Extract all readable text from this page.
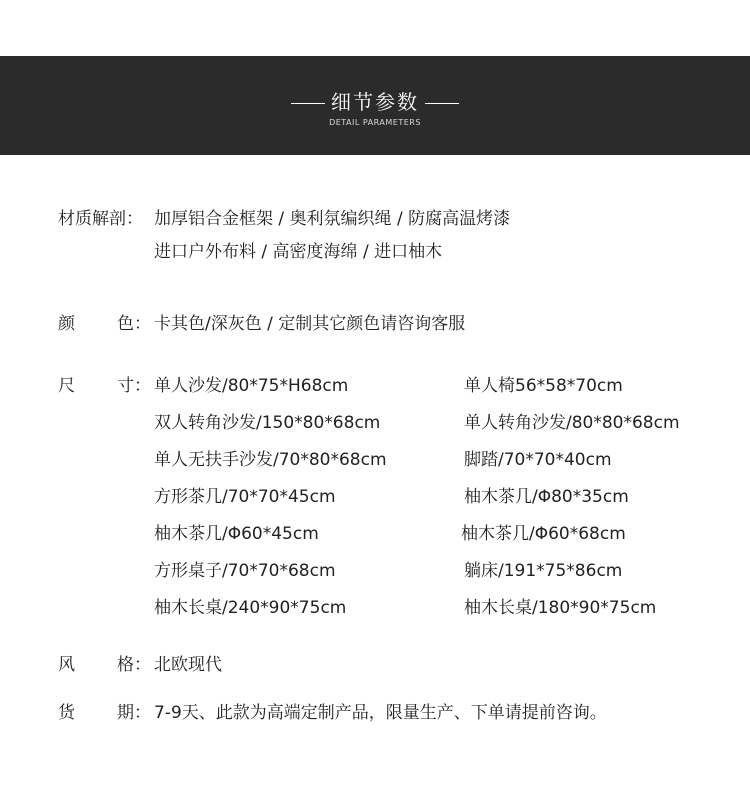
细节参数
DETAIL PARAMETERS
材质解剖： 加厚铝合金框架 / 奥利氛编织绳 / 防腐高温烤漆
进口户外布料 / 高密度海绵 / 进口柚木
颜 色： 卡其色/深灰色 / 定制其它颜色请咨询客服
尺 寸： 单人沙发/80*75*H68cm
双人转角沙发/150*80*68cm
单人无扶手沙发/70*80*68cm
方形茶几/70*70*45cm
柚木茶几/Φ60*45cm
方形桌子/70*70*68cm
柚木长桌/240*90*75cm
单人椅56*58*70cm
单人转角沙发/80*80*68cm
脚踏/70*70*40cm
柚木茶几/Φ80*35cm
柚木茶几/Φ60*68cm
躺床/191*75*86cm
柚木长桌/180*90*75cm
风 格： 北欧现代
货 期： 7-9天、此款为高端定制产品，限量生产、下单请提前咨询。
